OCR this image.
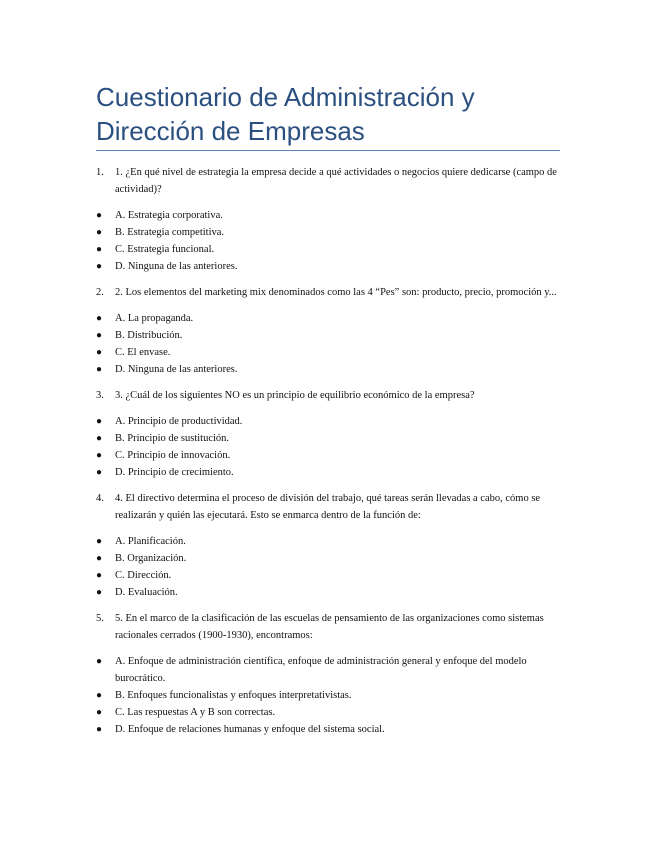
Cuestionario de Administración y Dirección de Empresas
1. 1. ¿En qué nivel de estrategia la empresa decide a qué actividades o negocios quiere dedicarse (campo de actividad)?
● A. Estrategia corporativa.
● B. Estrategia competitiva.
● C. Estrategia funcional.
● D. Ninguna de las anteriores.
2. 2. Los elementos del marketing mix denominados como las 4 “Pes” son: producto, precio, promoción y...
● A. La propaganda.
● B. Distribución.
● C. El envase.
● D. Ninguna de las anteriores.
3. 3. ¿Cuál de los siguientes NO es un principio de equilibrio económico de la empresa?
● A. Principio de productividad.
● B. Principio de sustitución.
● C. Principio de innovación.
● D. Principio de crecimiento.
4. 4. El directivo determina el proceso de división del trabajo, qué tareas serán llevadas a cabo, cómo se realizarán y quién las ejecutará. Esto se enmarca dentro de la función de:
● A. Planificación.
● B. Organización.
● C. Dirección.
● D. Evaluación.
5. 5. En el marco de la clasificación de las escuelas de pensamiento de las organizaciones como sistemas racionales cerrados (1900-1930), encontramos:
● A. Enfoque de administración científica, enfoque de administración general y enfoque del modelo burocrático.
● B. Enfoques funcionalistas y enfoques interpretativistas.
● C. Las respuestas A y B son correctas.
● D. Enfoque de relaciones humanas y enfoque del sistema social.
